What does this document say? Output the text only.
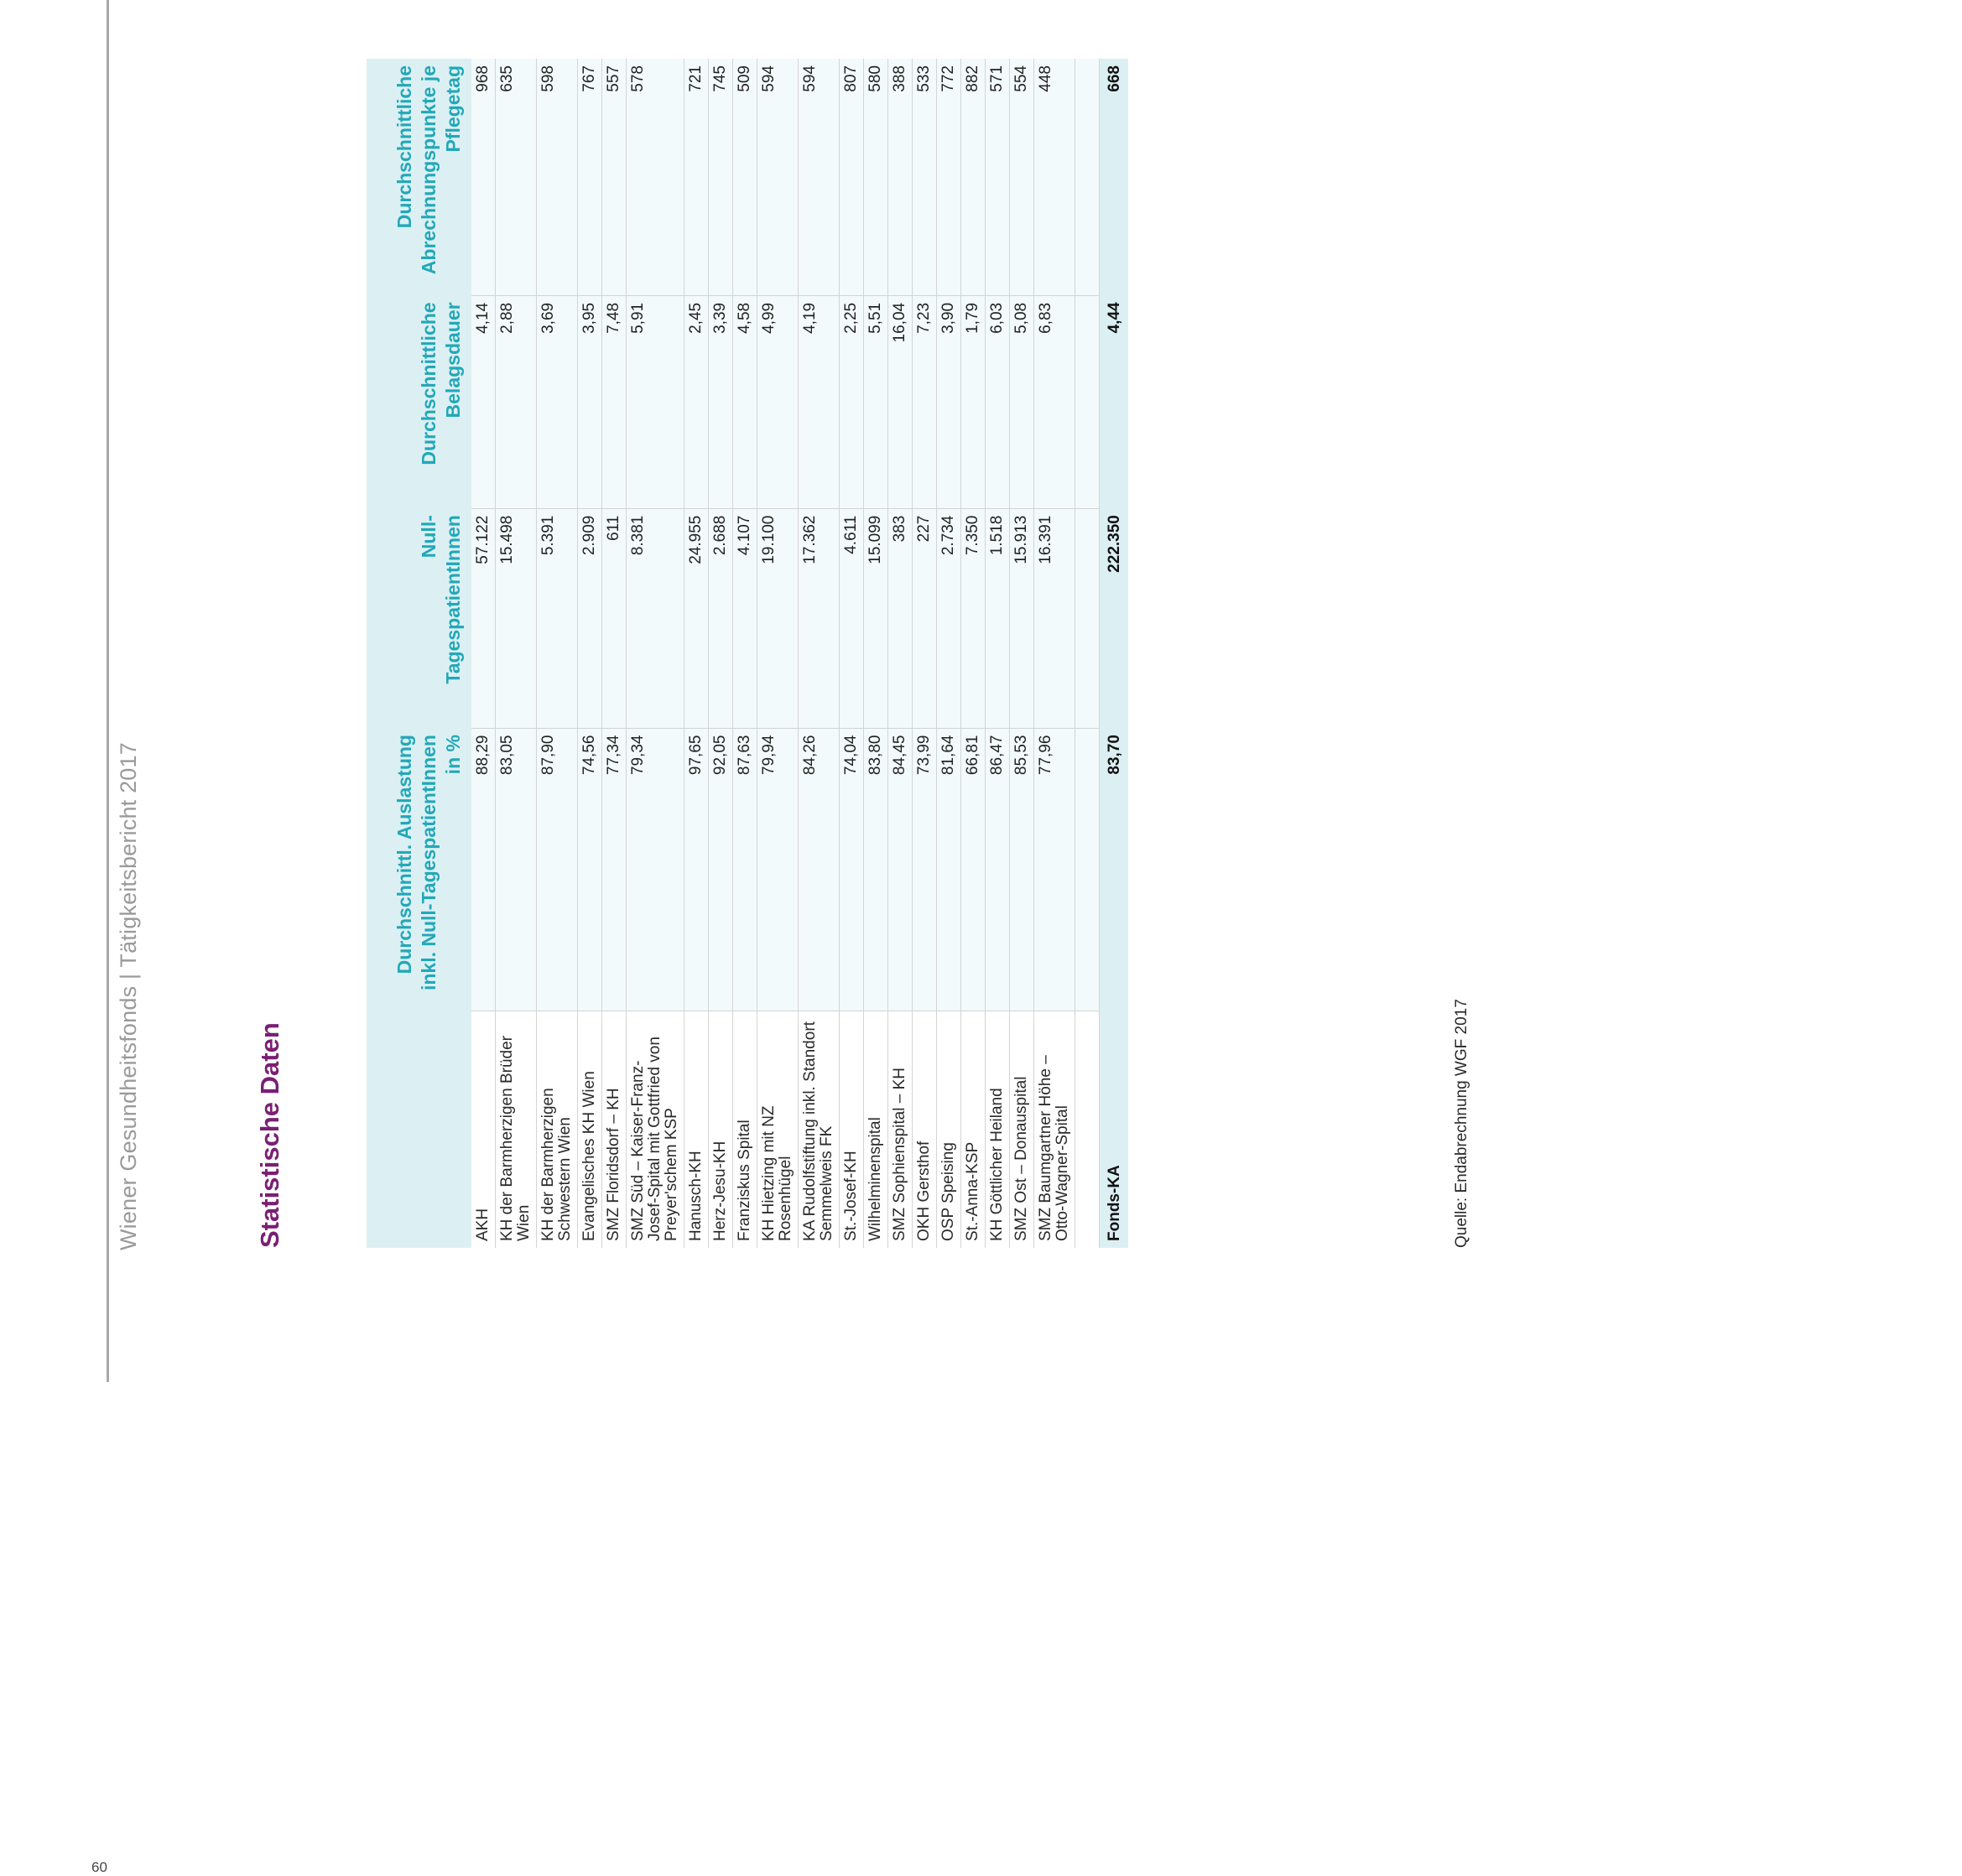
Wiener Gesundheitsfonds | Tätigkeitsbericht 2017	Statistische Daten
	Durchschnittl. Auslastung inkl. Null-TagespatientInnen in %	Null-TagespatientInnen	Durchschnittliche Belagsdauer	Durchschnittliche Abrechnungspunkte je Pflegetag
AKH	88,29	57.122	4,14	968
KH der Barmherzigen Brüder Wien	83,05	15.498	2,88	635
KH der Barmherzigen Schwestern Wien	87,90	5.391	3,69	598
Evangelisches KH Wien	74,56	2.909	3,95	767
SMZ Floridsdorf – KH	77,34	611	7,48	557
SMZ Süd – Kaiser-Franz-Josef-Spital mit Gottfried von Preyer'schem KSP	79,34	8.381	5,91	578
Hanusch-KH	97,65	24.955	2,45	721
Herz-Jesu-KH	92,05	2.688	3,39	745
Franziskus Spital	87,63	4.107	4,58	509
KH Hietzing mit NZ Rosenhügel	79,94	19.100	4,99	594
KA Rudolfstiftung inkl. Standort Semmelweis FK	84,26	17.362	4,19	594
St.-Josef-KH	74,04	4.611	2,25	807
Wilhelminenspital	83,80	15.099	5,51	580
SMZ Sophienspital – KH	84,45	383	16,04	388
OKH Gersthof	73,99	227	7,23	533
OSP Speising	81,64	2.734	3,90	772
St.-Anna-KSP	66,81	7.350	1,79	882
KH Göttlicher Heiland	86,47	1.518	6,03	571
SMZ Ost – Donauspital	85,53	15.913	5,08	554
SMZ Baumgartner Höhe – Otto-Wagner-Spital	77,96	16.391	6,83	448

Fonds-KA	83,70	222.350	4,44	668
Quelle: Endabrechnung WGF 2017
60
